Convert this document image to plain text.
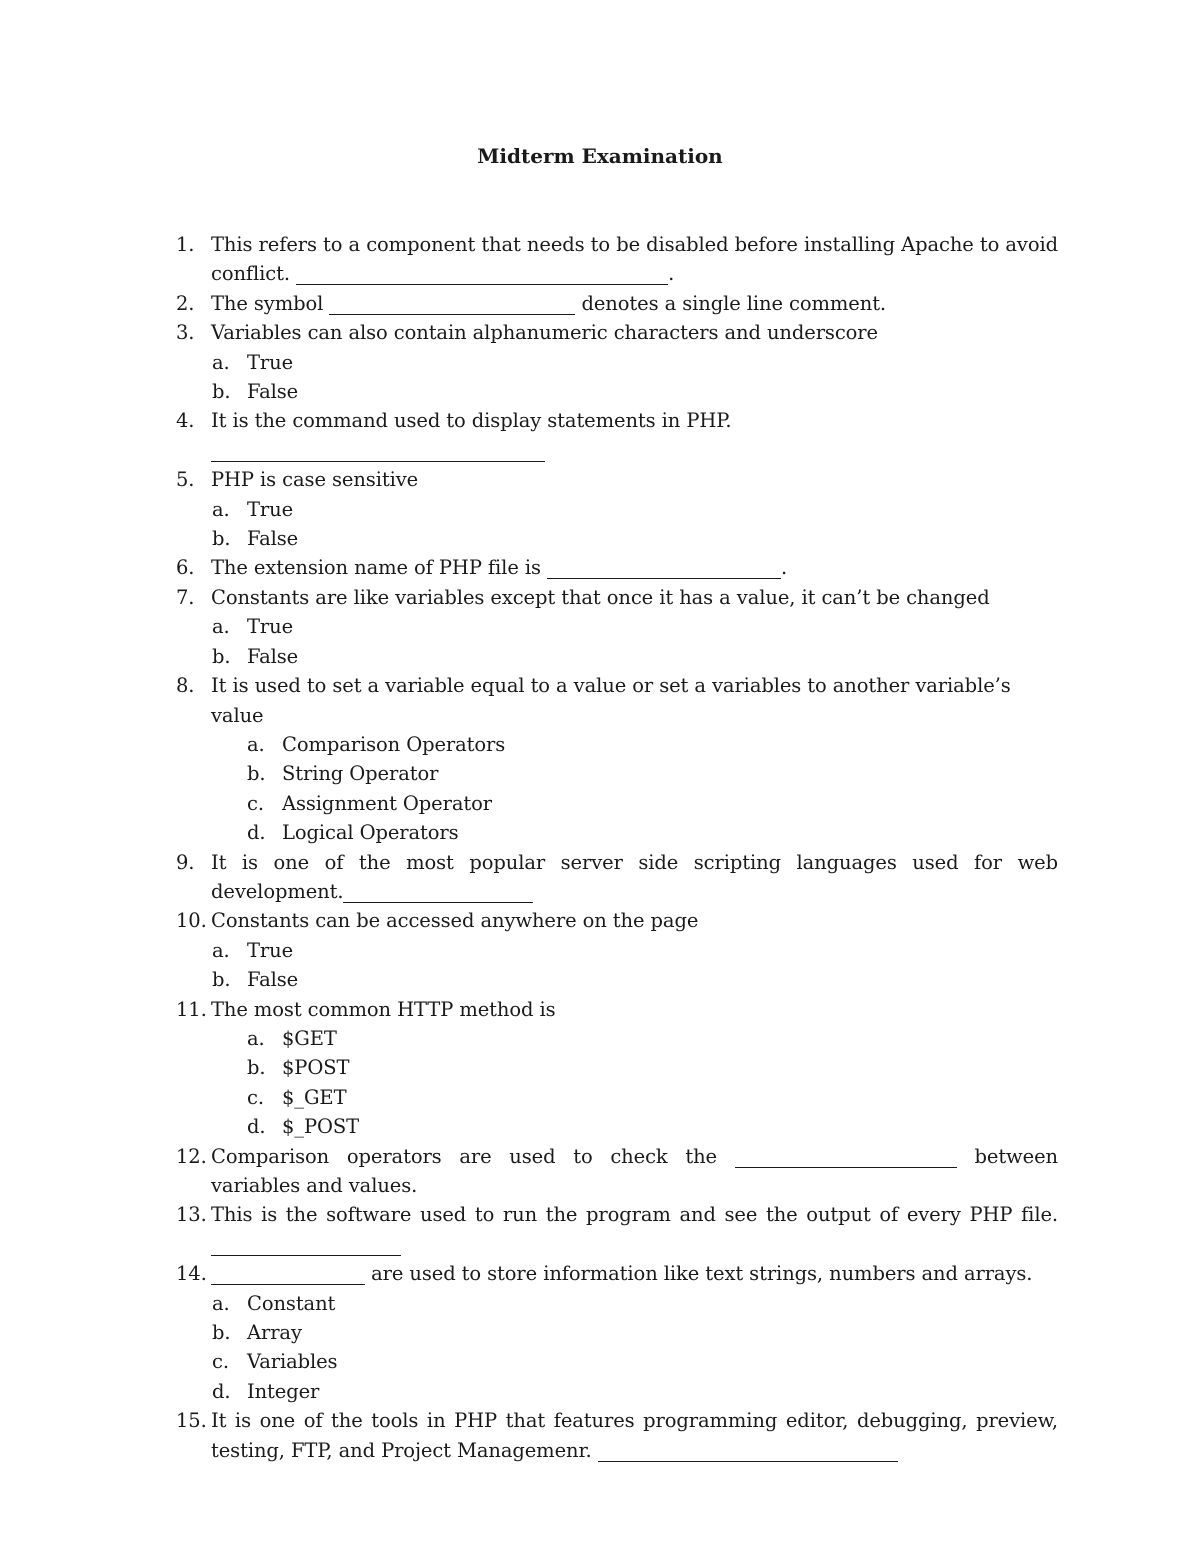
Midterm Examination
1. This refers to a component that needs to be disabled before installing Apache to avoid conflict.	.
2. The symbol	denotes a single line comment.
3. Variables can also contain alphanumeric characters and underscore
a. True
b. False
4. It is the command used to display statements in PHP.
5. PHP is case sensitive
a. True
b. False
6. The extension name of PHP file is	.
7. Constants are like variables except that once it has a value, it can’t be changed
a. True
b. False
8. It is used to set a variable equal to a value or set a variables to another variable’s value
a. Comparison Operators
b. String Operator
c. Assignment Operator
d. Logical Operators
9. It is one of the most popular server side scripting languages used for web development.
10. Constants can be accessed anywhere on the page
a. True
b. False
11. The most common HTTP method is
a. $GET
b. $POST
c. $_GET
d. $_POST
12. Comparison operators are used to check the	between variables and values.
13. This is the software used to run the program and see the output of every PHP file.
14.	are used to store information like text strings, numbers and arrays.
a. Constant
b. Array
c. Variables
d. Integer
15. It is one of the tools in PHP that features programming editor, debugging, preview, testing, FTP, and Project Managemenr.
